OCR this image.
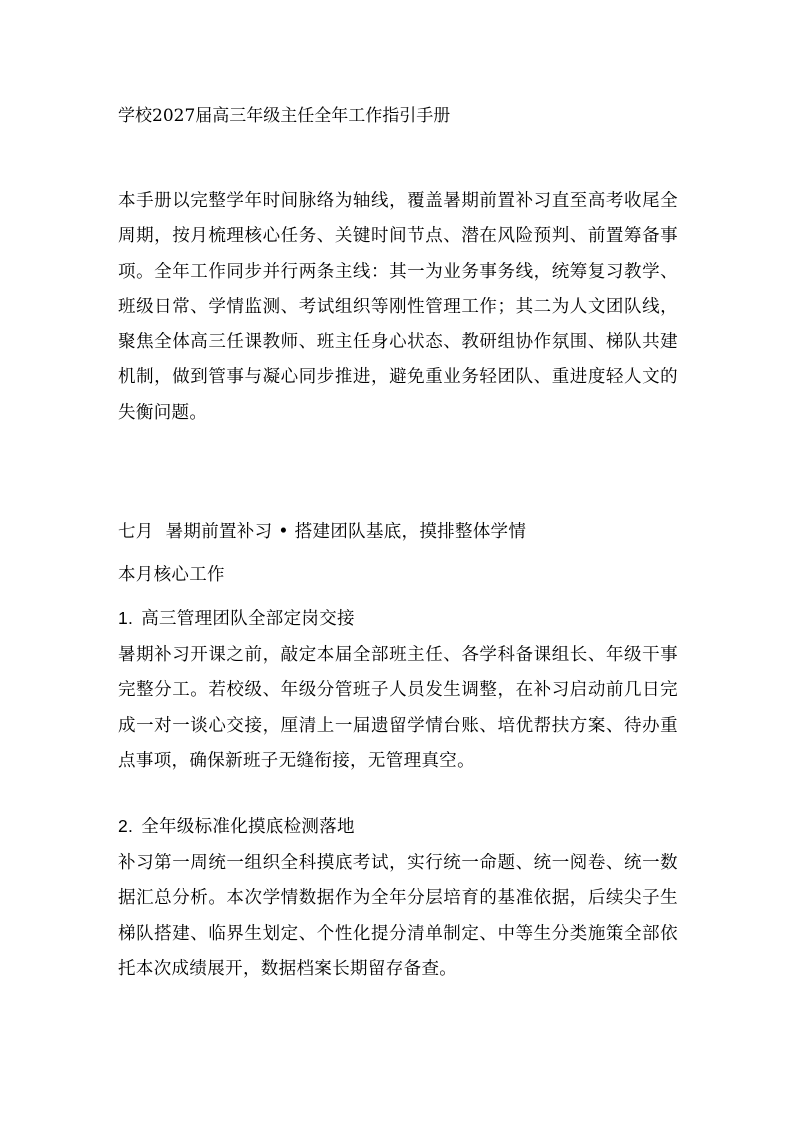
学校2027届高三年级主任全年工作指引手册

本手册以完整学年时间脉络为轴线，覆盖暑期前置补习直至高考收尾全周期，按月梳理核心任务、关键时间节点、潜在风险预判、前置筹备事项。全年工作同步并行两条主线：其一为业务事务线，统筹复习教学、班级日常、学情监测、考试组织等刚性管理工作；其二为人文团队线，聚焦全体高三任课教师、班主任身心状态、教研组协作氛围、梯队共建机制，做到管事与凝心同步推进，避免重业务轻团队、重进度轻人文的失衡问题。

七月 暑期前置补习 • 搭建团队基底，摸排整体学情
本月核心工作
1. 高三管理团队全部定岗交接

暑期补习开课之前，敲定本届全部班主任、各学科备课组长、年级干事完整分工。若校级、年级分管班子人员发生调整，在补习启动前几日完成一对一谈心交接，厘清上一届遗留学情台账、培优帮扶方案、待办重点事项，确保新班子无缝衔接，无管理真空。

2. 全年级标准化摸底检测落地

补习第一周统一组织全科摸底考试，实行统一命题、统一阅卷、统一数据汇总分析。本次学情数据作为全年分层培育的基准依据，后续尖子生梯队搭建、临界生划定、个性化提分清单制定、中等生分类施策全部依托本次成绩展开，数据档案长期留存备查。
